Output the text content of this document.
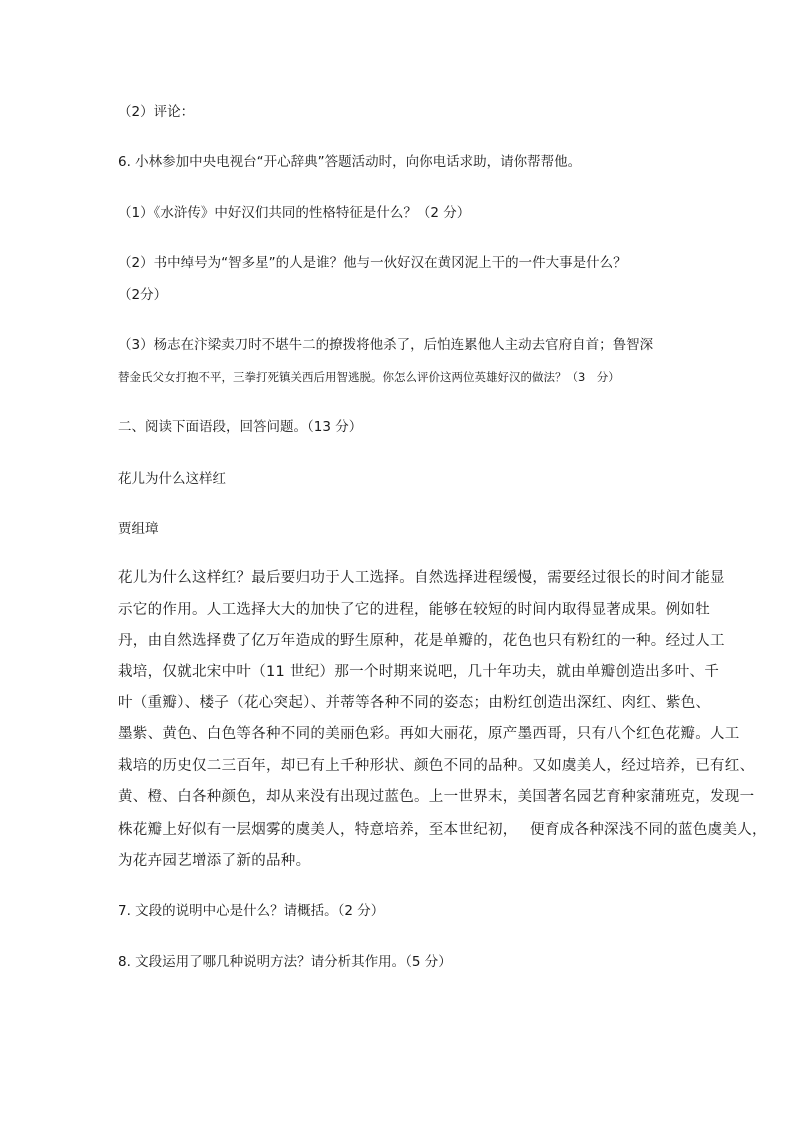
（2）评论：
6. 小林参加中央电视台“开心辞典”答题活动时，向你电话求助，请你帮帮他。
（1）《水浒传》中好汉们共同的性格特征是什么？（2 分）
（2）书中绰号为“智多星”的人是谁？他与一伙好汉在黄冈泥上干的一件大事是什么？
（2分）
（3）杨志在汴梁卖刀时不堪牛二的撩拨将他杀了，后怕连累他人主动去官府自首；鲁智深
替金氏父女打抱不平，三拳打死镇关西后用智逃脱。你怎么评价这两位英雄好汉的做法？（3　分）
二、阅读下面语段，回答问题。（13 分）
花儿为什么这样红
贾组璋
花儿为什么这样红？最后要归功于人工选择。自然选择进程缓慢，需要经过很长的时间才能显
示它的作用。人工选择大大的加快了它的进程，能够在较短的时间内取得显著成果。例如牡
丹，由自然选择费了亿万年造成的野生原种，花是单瓣的，花色也只有粉红的一种。经过人工
栽培，仅就北宋中叶（11 世纪）那一个时期来说吧，几十年功夫，就由单瓣创造出多叶、千
叶（重瓣）、楼子（花心突起）、并蒂等各种不同的姿态；由粉红创造出深红、肉红、紫色、
墨紫、黄色、白色等各种不同的美丽色彩。再如大丽花，原产墨西哥，只有八个红色花瓣。人工
栽培的历史仅二三百年，却已有上千种形状、颜色不同的品种。又如虞美人，经过培养，已有红、
黄、橙、白各种颜色，却从来没有出现过蓝色。上一世界末，美国著名园艺育种家蒲班克，发现一
株花瓣上好似有一层烟雾的虞美人，特意培养，至本世纪初，　 便育成各种深浅不同的蓝色虞美人，
为花卉园艺增添了新的品种。
7. 文段的说明中心是什么？请概括。（2 分）
8. 文段运用了哪几种说明方法？请分析其作用。（5 分）
